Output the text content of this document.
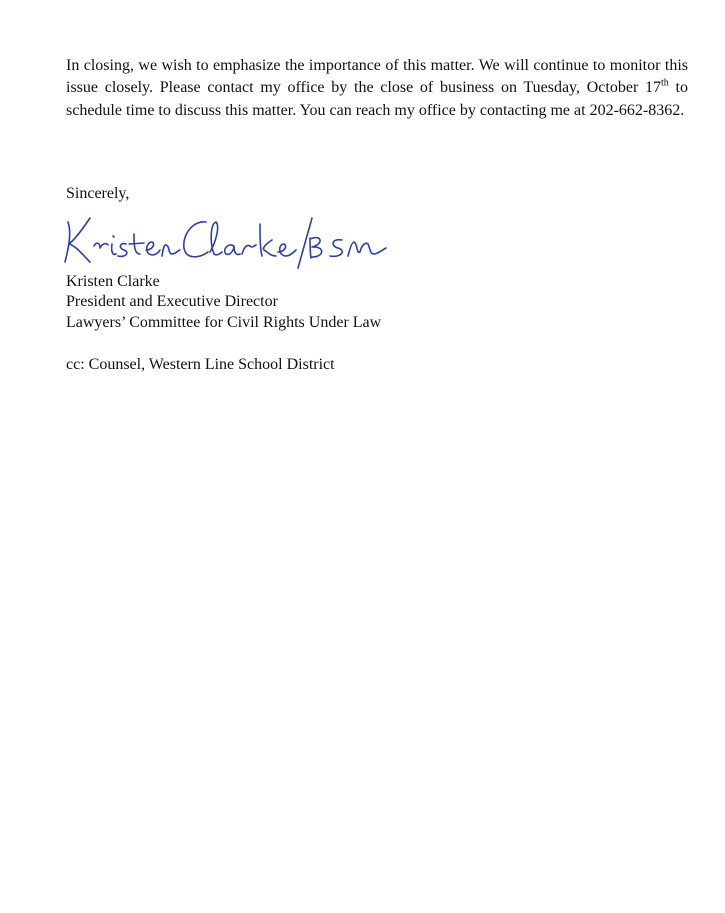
In closing, we wish to emphasize the importance of this matter. We will continue to monitor this issue closely. Please contact my office by the close of business on Tuesday, October 17th to schedule time to discuss this matter. You can reach my office by contacting me at 202-662-8362.

Sincerely,

Kristen Clarke

President and Executive Director

Lawyers’ Committee for Civil Rights Under Law

cc: Counsel, Western Line School District
